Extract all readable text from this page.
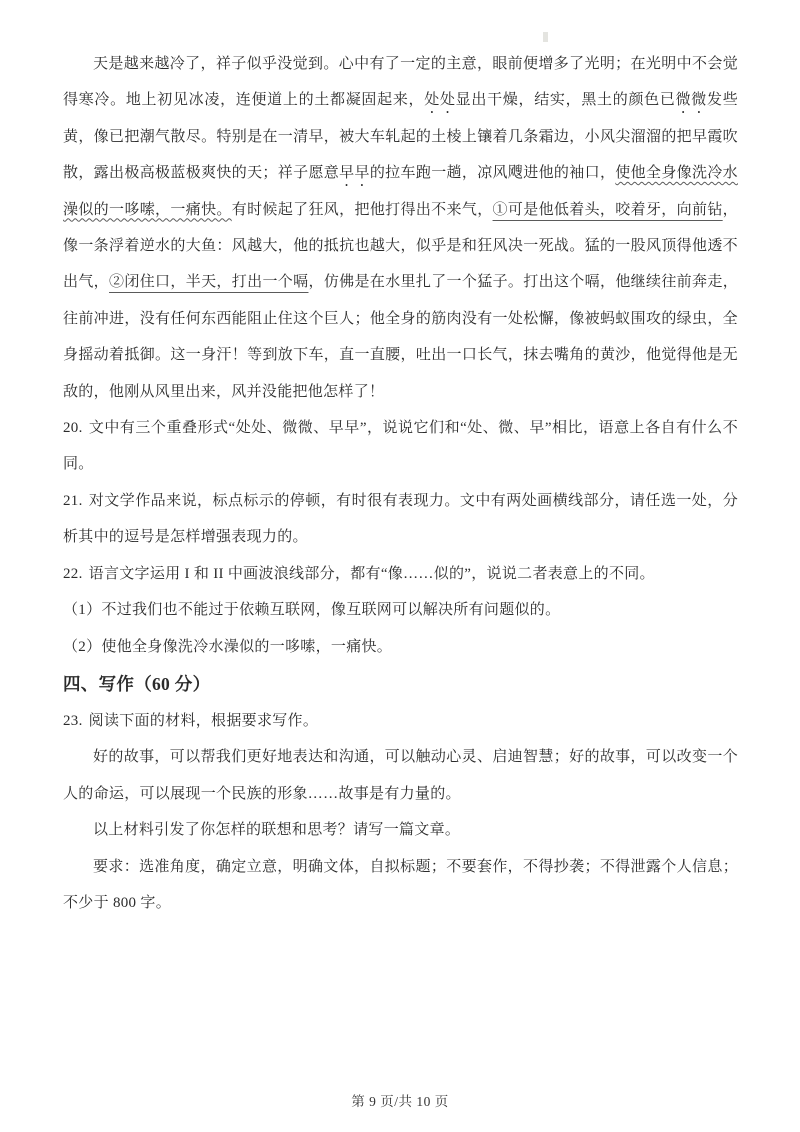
天是越来越冷了，祥子似乎没觉到。心中有了一定的主意，眼前便增多了光明；在光明中不会觉得寒冷。地上初见冰凌，连便道上的土都凝固起来，处处显出干燥，结实，黑土的颜色已微微发些黄，像已把潮气散尽。特别是在一清早，被大车轧起的土棱上镶着几条霜边，小风尖溜溜的把早霞吹散，露出极高极蓝极爽快的天；祥子愿意早早的拉车跑一趟，凉风飕进他的袖口，使他全身像洗冷水澡似的一哆嗦，一痛快。有时候起了狂风，把他打得出不来气，①可是他低着头，咬着牙，向前钻，像一条浮着逆水的大鱼：风越大，他的抵抗也越大，似乎是和狂风决一死战。猛的一股风顶得他透不出气，②闭住口，半天，打出一个嗝，仿佛是在水里扎了一个猛子。打出这个嗝，他继续往前奔走，往前冲进，没有任何东西能阻止住这个巨人；他全身的筋肉没有一处松懈，像被蚂蚁围攻的绿虫，全身摇动着抵御。这一身汗！等到放下车，直一直腰，吐出一口长气，抹去嘴角的黄沙，他觉得他是无敌的，他刚从风里出来，风并没能把他怎样了！

20. 文中有三个重叠形式“处处、微微、早早”，说说它们和“处、微、早”相比，语意上各自有什么不同。

21. 对文学作品来说，标点标示的停顿，有时很有表现力。文中有两处画横线部分，请任选一处，分析其中的逗号是怎样增强表现力的。

22. 语言文字运用 I 和 II 中画波浪线部分，都有“像……似的”，说说二者表意上的不同。

（1）不过我们也不能过于依赖互联网，像互联网可以解决所有问题似的。

（2）使他全身像洗冷水澡似的一哆嗦，一痛快。

四、写作（60 分）

23. 阅读下面的材料，根据要求写作。

好的故事，可以帮我们更好地表达和沟通，可以触动心灵、启迪智慧；好的故事，可以改变一个人的命运，可以展现一个民族的形象……故事是有力量的。

以上材料引发了你怎样的联想和思考？请写一篇文章。

要求：选准角度，确定立意，明确文体，自拟标题；不要套作，不得抄袭；不得泄露个人信息；不少于 800 字。

第 9 页/共 10 页
